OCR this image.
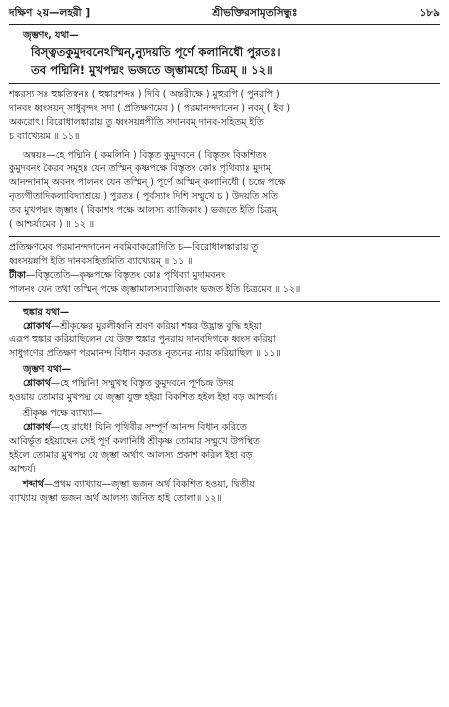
দক্ষিণ ২য়—লহরী ]	শ্রীভক্তিরসামৃতসিন্ধুঃ	১৮৯
জৃম্ভণং, যথা—
বিস্ত্বতকুমুদবনেঽস্মিন্‌,ন্যুদয়তি পূর্ণে কলানিধৌ পুরতঃ।
তব পদ্মিনি! মুখপদ্মং ভজতে জৃম্ভামহো চিত্রম্ ॥ ১২॥
শঙ্করস্য সঃ হুঙ্কতিস্বনঃ ( হুঙ্কারশব্দঃ ) দিবি ( অন্তরীক্ষে ) মুহুরপি ( পুনরপি )
দানবং ধ্বংসয়ন্‌ সাধুবৃন্দং সদা ( প্রতিক্ষণমেব ) ( পরমানন্দদানেন ) নবম্ ( ইব )
অকরোৎ। বিরোধালঙ্কারায় তু ধ্বংসয়ন্নপীতি সদানবম্ দানব-সহিতম্ ইতি
চ ব্যাখ্যেয়ম ॥ ১১॥
অন্বয়ঃ—হে পদ্মিনি ( কমলিনি ) বিস্তৃত কুমুদবনে ( বিস্তৃতং বিকশিতং
কুমুদবনং কৈরব সমূহঃ যেন তস্মিন্‌ কৃষ্ণপক্ষে বিস্তৃতং কোঃ পৃথিব্যাঃ মুদাম্‌
আনন্দানাম্‌ অবনং পালনং যেন তস্মিন্‌ ) পূর্ণে অস্মিন্‌ কলানিধৌ ( চন্দ্রে পক্ষে
নৃত্যগীতাদিকলাবিদ্যাশ্রয়ে ) পুরতঃ ( পূর্বস্যাং দিশি সম্মুখে চ ) উদয়তি সতি
তব মুখপদ্মং জৃম্ভাং ( বিকাশং পক্ষে আলস্য ব্যাজিকাং ) ভজতে ইতি চিত্রম্‌
( আশ্চর্য্যমেব ) ॥ ১২ ॥
প্রতিক্ষণমেব পরমানন্দদানেন নবমিবাকরোদিতি চ—বিরোধালঙ্কারায় তু
ধ্বংসয়ন্নপি ইতি দানবসহিতমিতি ব্যাখ্যেয়ম্‌ ॥ ১১ ॥
টীকা—বিস্তৃতেতি—কৃষ্ণপক্ষে বিস্তৃতং কোঃ পৃথিব্যা মুদামবনং
পালনং যেন তথা তস্মিন্‌ পক্ষে জৃম্ভামালস্যব্যাজিকাং ভজত ইতি চিত্রমেব ॥ ১২॥
হুঙ্কার যথা—
শ্লোকার্থ—শ্রীকৃষ্ণের মুরলীধ্বনি শ্রবণ করিয়া শঙ্কর উদ্ভ্রান্ত বুদ্ধি হইয়া
এরূপ হুঙ্কার করিয়াছিলেন যে উক্ত হুঙ্কার পুনরায় দানবদিগকে ধ্বংস করিয়া
সাধুগণের প্রতিক্ষণ পরমানন্দ বিধান করতঃ নূতনের ন্যায় করিয়াছিল ॥ ১১॥
জৃম্ভণ যথা—
শ্লোকার্থ—হে পদ্মিনি! সম্মুখস্থ বিস্তৃত কুমুদবনে পূর্ণচন্দ্র উদয়
হওয়ায় তোমার মুখপদ্ম যে জৃম্ভা যুক্ত হইয়া বিকশিত হইল ইহা বড় আশ্চর্য্য।
শ্রীকৃষ্ণ পক্ষে ব্যাখ্যা—
শ্লোকার্থ—হে রাধে! যিনি পৃথিবীর সম্পূর্ণ আনন্দ বিধান করিতে
আবির্ভূত হইয়াছেন সেই পূর্ণ কলানিধি শ্রীকৃষ্ণ তোমার সম্মুখে উপস্থিত
হইলে তোমার মুখপদ্ম যে জৃম্ভা অর্থাৎ আলস্য প্রকাশ করিল ইহা বড়
আশ্চর্য।
শব্দার্থ—প্রথম ব্যাখ্যায়—জৃম্ভা ভজন অর্থ বিকশিত হওয়া, দ্বিতীয়
ব্যাখ্যায় জৃম্ভা ভজন অর্থ আলস্য জনিত হাই তোলা॥ ১২॥
